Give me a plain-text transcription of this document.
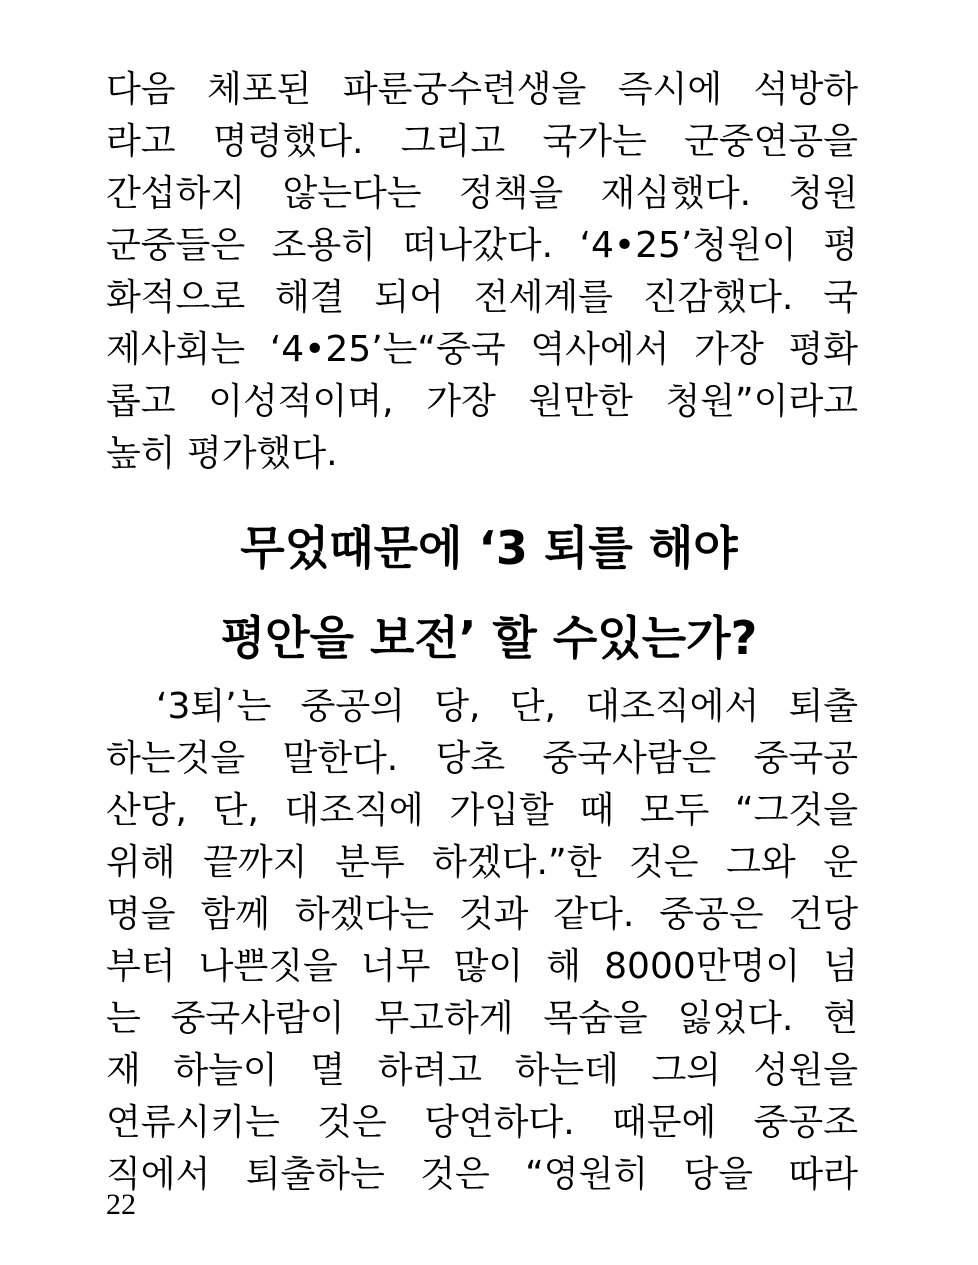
다음 체포된 파룬궁수련생을 즉시에 석방하
라고 명령했다. 그리고 국가는 군중연공을
간섭하지 않는다는 정책을 재심했다. 청원
군중들은 조용히 떠나갔다. ‘4•25’청원이 평
화적으로 해결 되어 전세계를 진감했다. 국
제사회는 ‘4•25’는“중국 역사에서 가장 평화
롭고 이성적이며, 가장 원만한 청원”이라고
높히 평가했다.
무었때문에 ‘3 퇴를 해야
평안을 보전’ 할 수있는가?
‘3퇴’는 중공의 당, 단, 대조직에서 퇴출
하는것을 말한다. 당초 중국사람은 중국공
산당, 단, 대조직에 가입할 때 모두 “그것을
위해 끝까지 분투 하겠다.”한 것은 그와 운
명을 함께 하겠다는 것과 같다. 중공은 건당
부터 나쁜짓을 너무 많이 해 8000만명이 넘
는 중국사람이 무고하게 목숨을 잃었다. 현
재 하늘이 멸 하려고 하는데 그의 성원을
연류시키는 것은 당연하다. 때문에 중공조
직에서 퇴출하는 것은 “영원히 당을 따라
22
